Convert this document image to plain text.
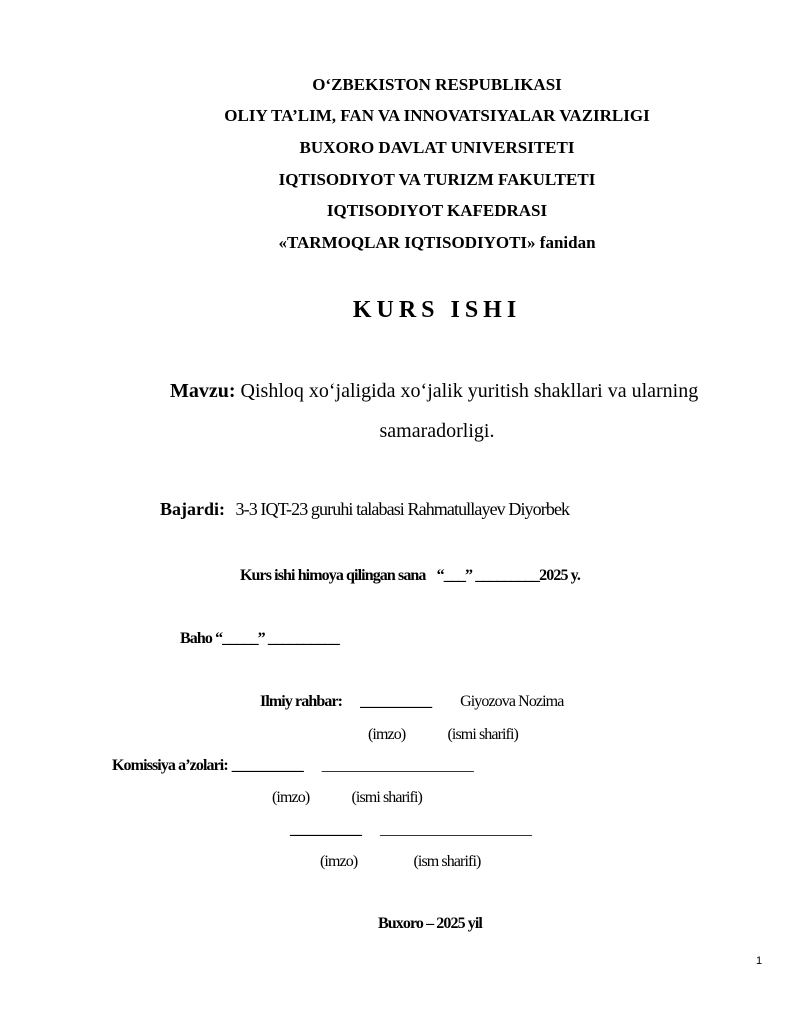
O‘ZBEKISTON RESPUBLIKASI
OLIY TA’LIM, FAN VA INNOVATSIYALAR VAZIRLIGI
BUXORO DAVLAT UNIVERSITETI
IQTISODIYOT VA TURIZM FAKULTETI
IQTISODIYOT KAFEDRASI
«TARMOQLAR IQTISODIYOTI» fanidan
KURS ISHI
Mavzu: Qishloq xo‘jaligida xo‘jalik yuritish shakllari va ularning
samaradorligi.
Bajardi: 3-3 IQT-23 guruhi talabasi Rahmatullayev Diyorbek
Kurs ishi himoya qilingan sana “___” _________2025 y.
Baho “_____” __________
Ilmiy rahbar: _________ Giyozova Nozima
(imzo)	(ismi sharifi)
Komissiya a’zolari: _________ ___________________
(imzo)	(ismi sharifi)
_________ ___________________
(imzo)	(ism sharifi)
Buxoro – 2025 yil
1
